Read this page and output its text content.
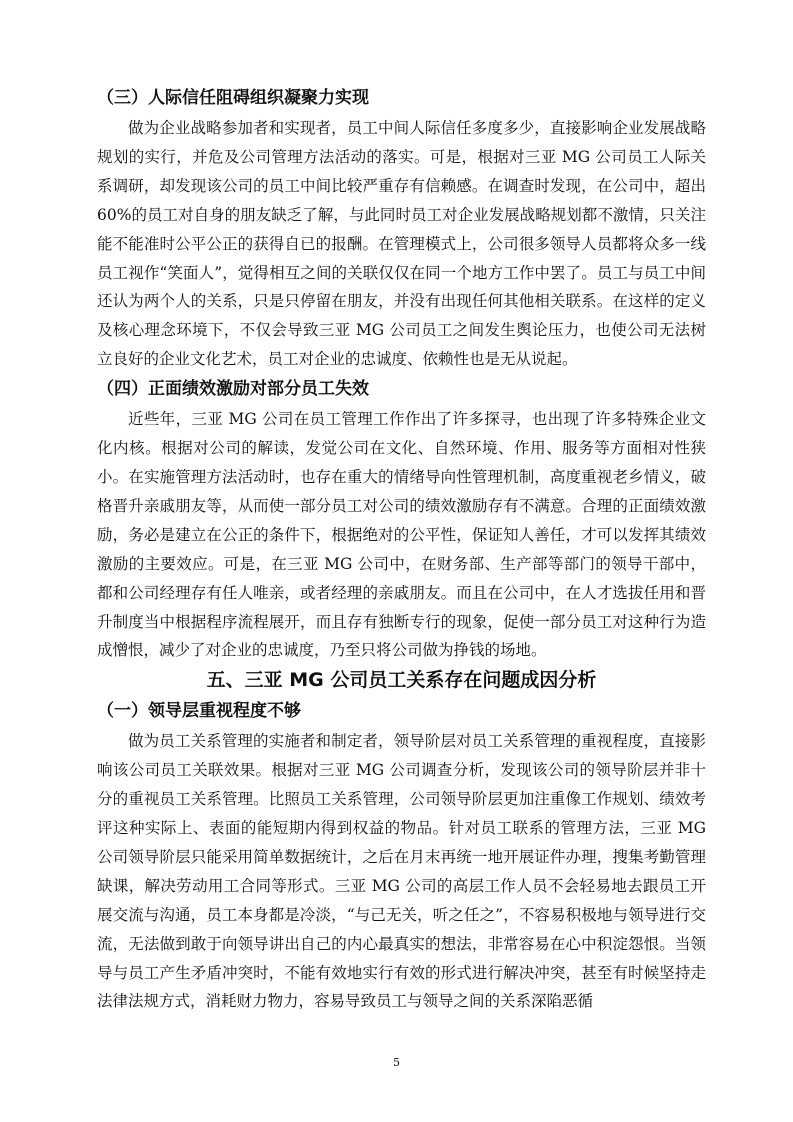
（三）人际信任阻碍组织凝聚力实现

做为企业战略参加者和实现者，员工中间人际信任多度多少，直接影响企业发展战略规划的实行，并危及公司管理方法活动的落实。可是，根据对三亚 MG 公司员工人际关系调研，却发现该公司的员工中间比较严重存有信赖感。在调查时发现，在公司中，超出 60%的员工对自身的朋友缺乏了解，与此同时员工对企业发展战略规划都不激情，只关注能不能准时公平公正的获得自已的报酬。在管理模式上，公司很多领导人员都将众多一线员工视作“笑面人”，觉得相互之间的关联仅仅在同一个地方工作中罢了。员工与员工中间还认为两个人的关系，只是只停留在朋友，并没有出现任何其他相关联系。在这样的定义及核心理念环境下，不仅会导致三亚 MG 公司员工之间发生舆论压力，也使公司无法树立良好的企业文化艺术，员工对企业的忠诚度、依赖性也是无从说起。

（四）正面绩效激励对部分员工失效

近些年，三亚 MG 公司在员工管理工作作出了许多探寻，也出现了许多特殊企业文化内核。根据对公司的解读，发觉公司在文化、自然环境、作用、服务等方面相对性狭小。在实施管理方法活动时，也存在重大的情绪导向性管理机制，高度重视老乡情义，破格晋升亲戚朋友等，从而使一部分员工对公司的绩效激励存有不满意。合理的正面绩效激励，务必是建立在公正的条件下，根据绝对的公平性，保证知人善任，才可以发挥其绩效激励的主要效应。可是，在三亚 MG 公司中，在财务部、生产部等部门的领导干部中，都和公司经理存有任人唯亲，或者经理的亲戚朋友。而且在公司中，在人才选拔任用和晋升制度当中根据程序流程展开，而且存有独断专行的现象，促使一部分员工对这种行为造成憎恨，减少了对企业的忠诚度，乃至只将公司做为挣钱的场地。

五、三亚 MG 公司员工关系存在问题成因分析
（一）领导层重视程度不够

做为员工关系管理的实施者和制定者，领导阶层对员工关系管理的重视程度，直接影响该公司员工关联效果。根据对三亚 MG 公司调查分析，发现该公司的领导阶层并非十分的重视员工关系管理。比照员工关系管理，公司领导阶层更加注重像工作规划、绩效考评这种实际上、表面的能短期内得到权益的物品。针对员工联系的管理方法，三亚 MG 公司领导阶层只能采用简单数据统计，之后在月末再统一地开展证件办理，搜集考勤管理缺课，解决劳动用工合同等形式。三亚 MG 公司的高层工作人员不会轻易地去跟员工开展交流与沟通，员工本身都是冷淡，“与己无关，听之任之”，不容易积极地与领导进行交流，无法做到敢于向领导讲出自己的内心最真实的想法，非常容易在心中积淀怨恨。当领导与员工产生矛盾冲突时，不能有效地实行有效的形式进行解决冲突，甚至有时候坚持走法律法规方式，消耗财力物力，容易导致员工与领导之间的关系深陷恶循

5
